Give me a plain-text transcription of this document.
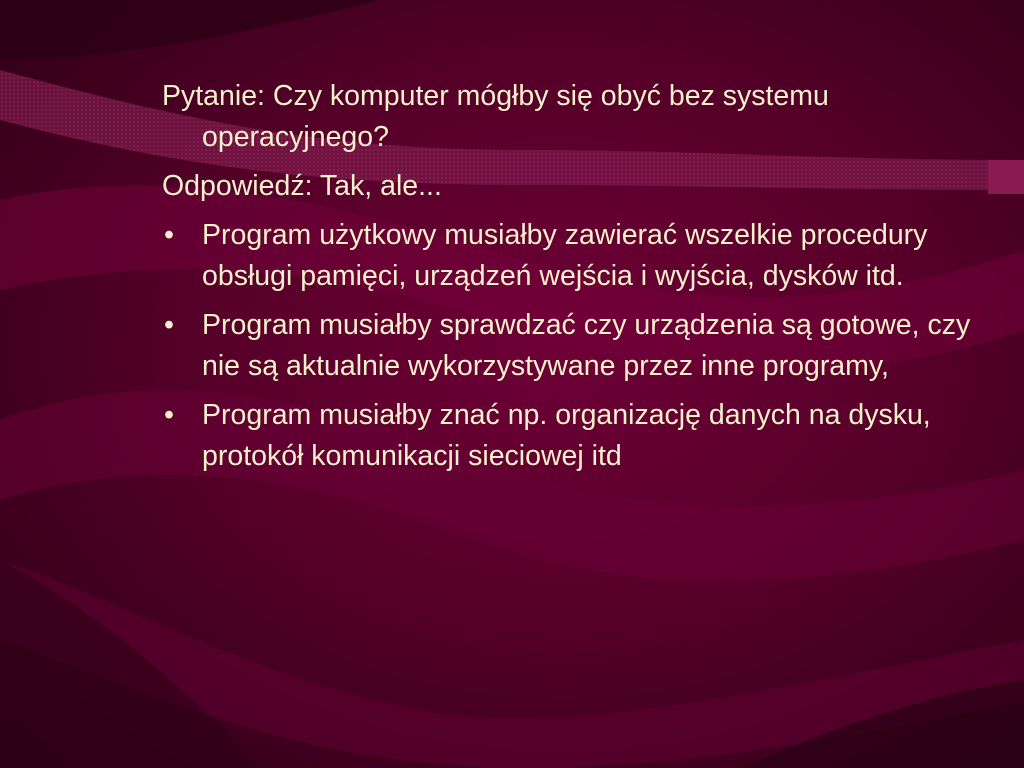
Pytanie: Czy komputer mógłby się obyć bez systemu operacyjnego?

Odpowiedź: Tak, ale...

• Program użytkowy musiałby zawierać wszelkie procedury obsługi pamięci, urządzeń wejścia i wyjścia, dysków itd.
• Program musiałby sprawdzać czy urządzenia są gotowe, czy nie są aktualnie wykorzystywane przez inne programy,
• Program musiałby znać np. organizację danych na dysku, protokół komunikacji sieciowej itd
